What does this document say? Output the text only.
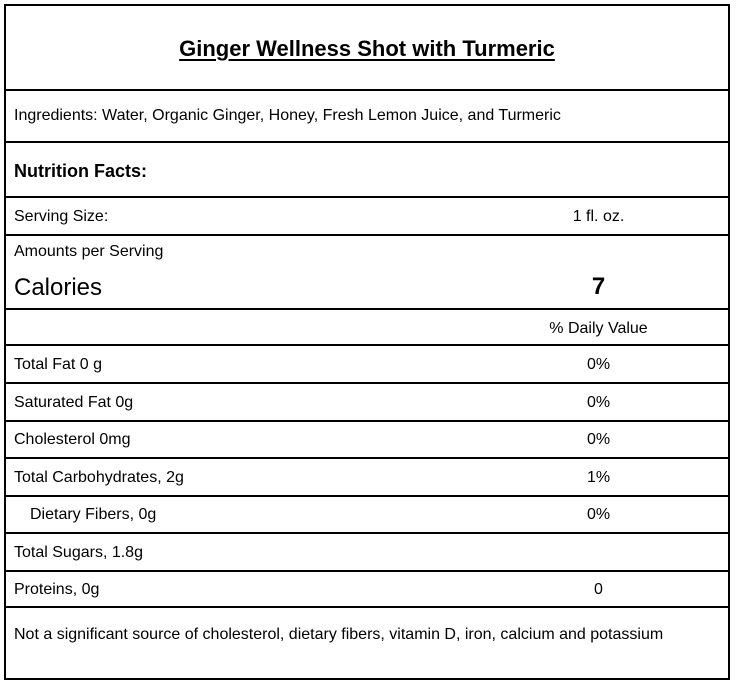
Ginger Wellness Shot with Turmeric
Ingredients: Water, Organic Ginger, Honey, Fresh Lemon Juice, and Turmeric
Nutrition Facts:
Serving Size:	1 fl. oz.
Amounts per Serving
Calories	7
% Daily Value
Total Fat 0 g	0%
Saturated Fat 0g	0%
Cholesterol 0mg	0%
Total Carbohydrates, 2g	1%
Dietary Fibers, 0g	0%
Total Sugars, 1.8g
Proteins, 0g	0
Not a significant source of cholesterol, dietary fibers, vitamin D, iron, calcium and potassium
